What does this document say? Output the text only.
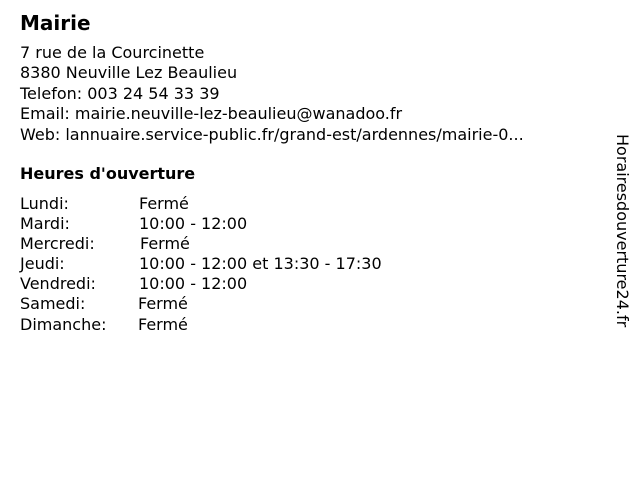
Mairie
7 rue de la Courcinette
8380 Neuville Lez Beaulieu
Telefon: 003 24 54 33 39
Email: mairie.neuville-lez-beaulieu@wanadoo.fr
Web: lannuaire.service-public.fr/grand-est/ardennes/mairie-0...
Heures d'ouverture
Lundi:	Fermé
Mardi:	10:00 - 12:00
Mercredi:	Fermé
Jeudi:	10:00 - 12:00 et 13:30 - 17:30
Vendredi:	10:00 - 12:00
Samedi:	Fermé
Dimanche: Fermé	Horairesdouverture24.fr
